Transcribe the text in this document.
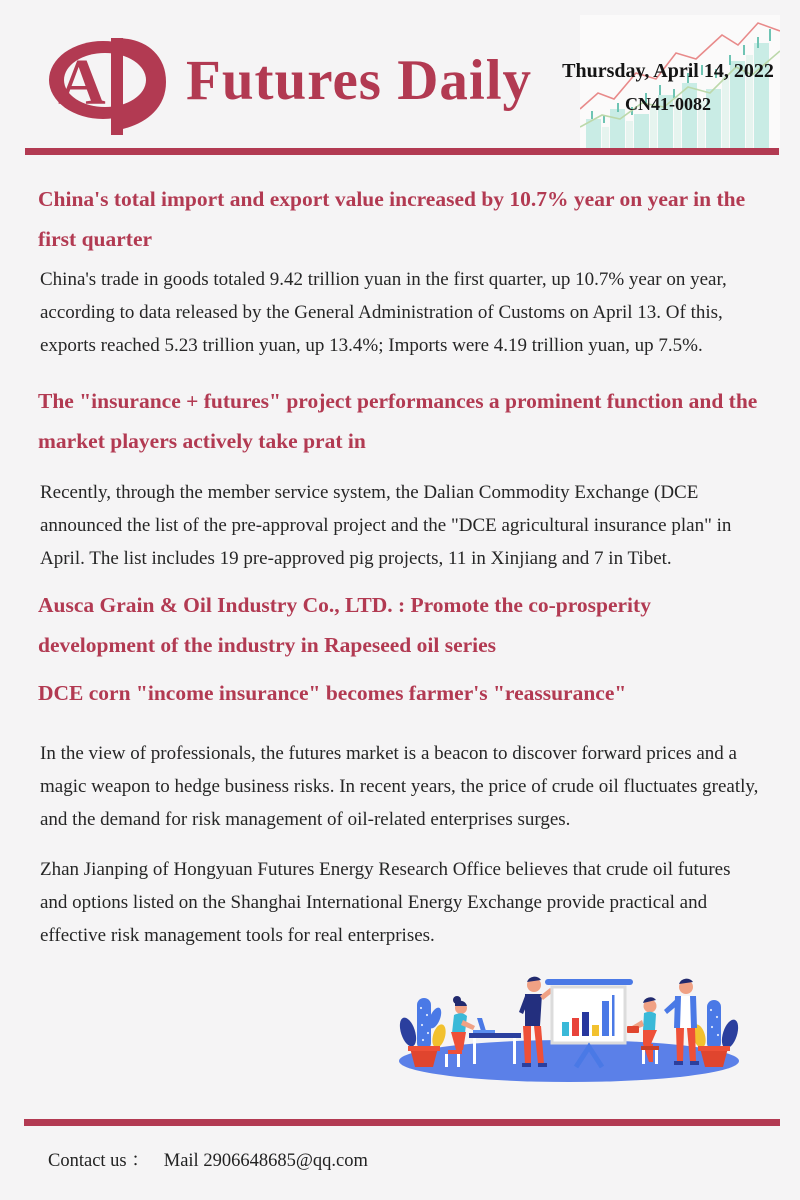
A Futures Daily	Thursday, April 14, 2022
CN41-0082
China's total import and export value increased by 10.7% year on year in the first quarter
China's trade in goods totaled 9.42 trillion yuan in the first quarter, up 10.7% year on year, according to data released by the General Administration of Customs on April 13. Of this, exports reached 5.23 trillion yuan, up 13.4%; Imports were 4.19 trillion yuan, up 7.5%.
The "insurance + futures" project performances a prominent function and the market players actively take prat in
Recently, through the member service system, the Dalian Commodity Exchange (DCE announced the list of the pre-approval project and the "DCE agricultural insurance plan" in April. The list includes 19 pre-approved pig projects, 11 in Xinjiang and 7 in Tibet.
Ausca Grain & Oil Industry Co., LTD. : Promote the co-prosperity development of the industry in Rapeseed oil series
DCE corn "income insurance" becomes farmer's "reassurance"
In the view of professionals, the futures market is a beacon to discover forward prices and a magic weapon to hedge business risks. In recent years, the price of crude oil fluctuates greatly, and the demand for risk management of oil-related enterprises surges.
Zhan Jianping of Hongyuan Futures Energy Research Office believes that crude oil futures and options listed on the Shanghai International Energy Exchange provide practical and effective risk management tools for real enterprises.
Contact us ： Mail 2906648685@qq.com
